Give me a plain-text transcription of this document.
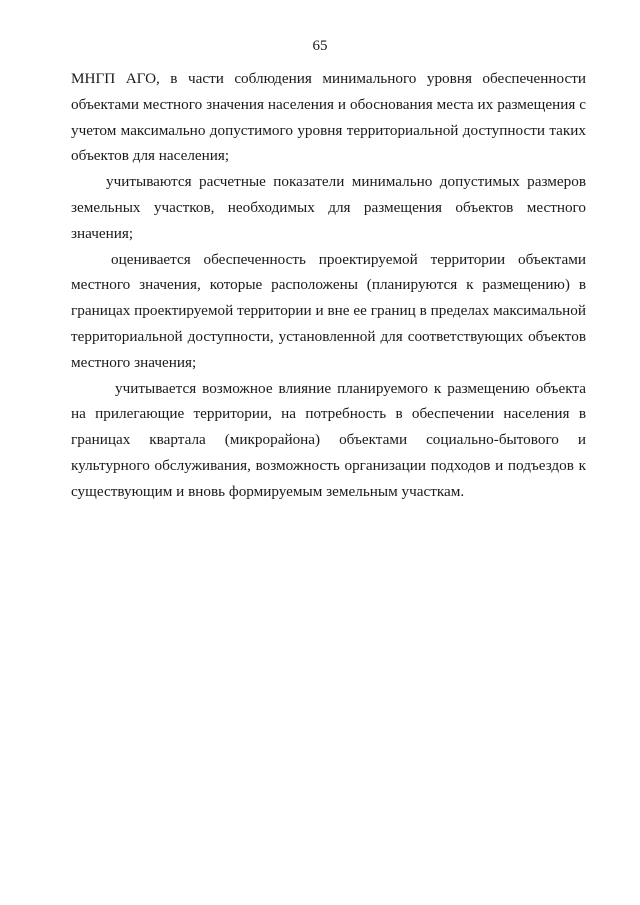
65

МНГП АГО, в части соблюдения минимального уровня обеспеченности
объектами местного значения населения и обоснования места их размещения с
учетом максимально допустимого уровня территориальной доступности таких
объектов для населения;

учитываются расчетные показатели минимально допустимых размеров
земельных участков, необходимых для размещения объектов местного
значения;

оценивается обеспеченность проектируемой территории объектами
местного значения, которые расположены (планируются к размещению) в
границах проектируемой территории и вне ее границ в пределах максимальной
территориальной доступности, установленной для соответствующих объектов
местного значения;

учитывается возможное влияние планируемого к размещению объекта
на прилегающие территории, на потребность в обеспечении населения в
границах квартала (микрорайона) объектами социально-бытового и
культурного обслуживания, возможность организации подходов и подъездов к
существующим и вновь формируемым земельным участкам.
